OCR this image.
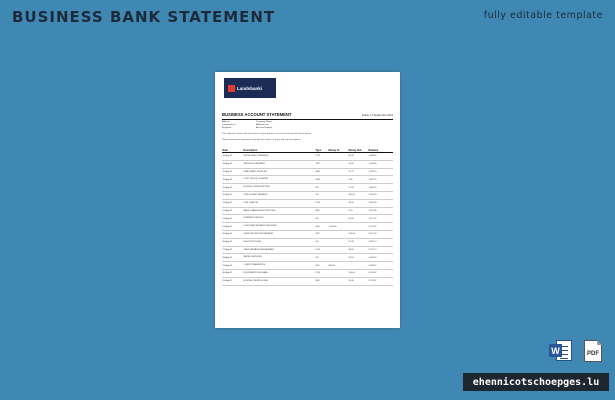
BUSINESS BANK STATEMENT	fully editable template
Landsbanki
BUSINESS ACCOUNT STATEMENT	Friday, 17 September 2021
Address
Landsbanki hf
Reykjavik
Company Name
Address Line
Account Number
This statement shows all transactions on your business account for the period shown below.
Please review your statement carefully and contact us if you find any discrepancy.
Date	Description	Type	Money In	Money Out	Balance
18-Aug-21	EXTRA CASH TRANSFER	POS		80.45	1,658.90
18-Aug-21	SERVICE & PAYMENT	TFR		15.00	1,643.90
19-Aug-21	STATIONERY SUPPLIES	DEB		12.75	1,631.15
19-Aug-21	POST OFFICE COUNTER	DEB		4.40	1,626.75
20-Aug-21	MONTHLY SUBSCRIPTION	DD		21.99	1,604.76
20-Aug-21	OFFICE RENT PAYMENT	SO		350.00	1,254.76
21-Aug-21	FUEL STATION	POS		45.20	1,209.56
22-Aug-21	BANK CHARGES ACCOUNT FEE	FEE		8.50	1,201.06
23-Aug-21	INTERNET SERVICE	DD		29.99	1,171.07
24-Aug-21	CUSTOMER PAYMENT RECEIVED	BGC	1,200.00		2,371.07
25-Aug-21	SUPPLIER INVOICE PAYMENT	TFR		220.00	2,151.07
26-Aug-21	ELECTRICITY BILL	DD		95.30	2,055.77
27-Aug-21	CARD PAYMENT RESTAURANT	POS		38.60	2,017.17
28-Aug-21	WATER SERVICES	DD		24.10	1,993.07
29-Aug-21	CLIENT TRANSFER IN	BGC	850.00		2,843.07
30-Aug-21	EQUIPMENT PURCHASE	POS		310.00	2,533.07
31-Aug-21	MONTHLY SERVICE FEE	FEE		10.00	2,523.07
W	PDF
ehennicotschoepges.lu
